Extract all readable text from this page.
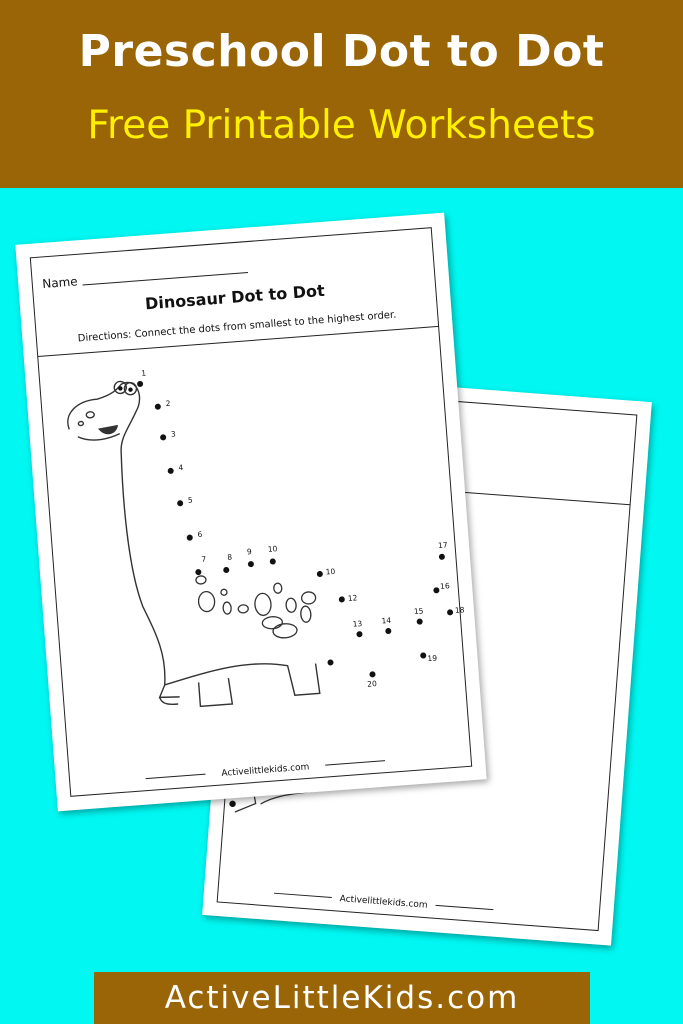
Preschool Dot to Dot
Free Printable Worksheets
Activelittlekids.com
Name	Dinosaur Dot to Dot
Directions: Connect the dots from smallest to the highest order.
1
2
3
4
5
6
7	8
9 10
10
12
13 14
15
16
17
18
19
20
Activelittlekids.com
ActiveLittleKids.com
